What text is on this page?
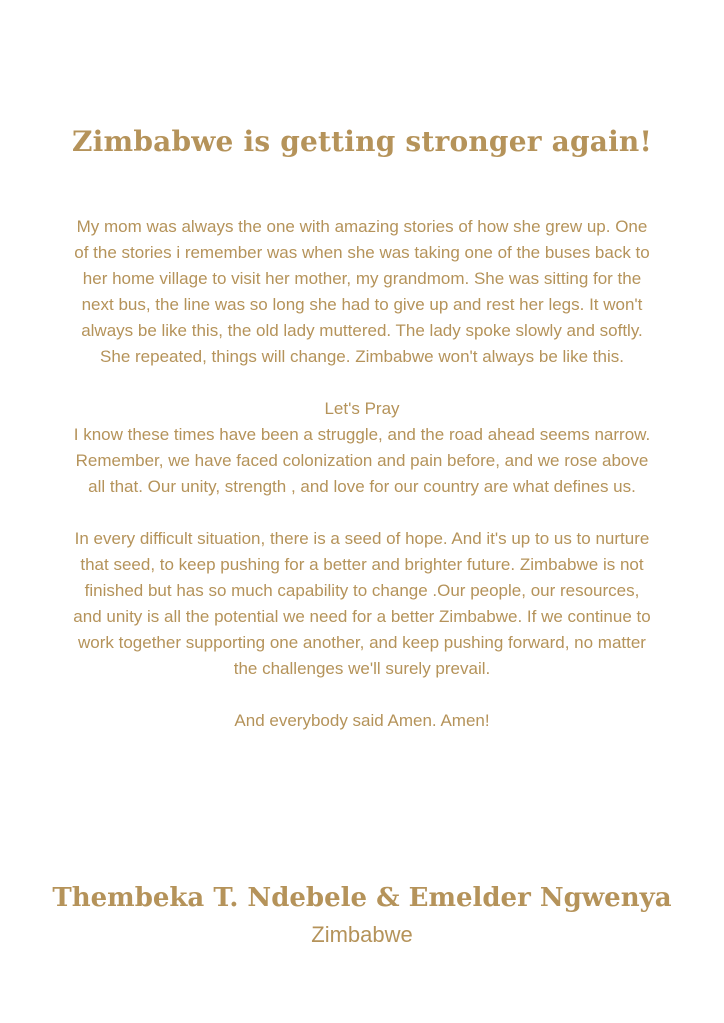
Zimbabwe is getting stronger again!

My mom was always the one with amazing stories of how she grew up. One of the stories i remember was when she was taking one of the buses back to her home village to visit her mother, my grandmom. She was sitting for the next bus, the line was so long she had to give up and rest her legs. It won't always be like this, the old lady muttered. The lady spoke slowly and softly. She repeated, things will change. Zimbabwe won't always be like this.

Let's Pray

I know these times have been a struggle, and the road ahead seems narrow. Remember, we have faced colonization and pain before, and we rose above all that. Our unity, strength , and love for our country are what defines us.

In every difficult situation, there is a seed of hope. And it's up to us to nurture that seed, to keep pushing for a better and brighter future. Zimbabwe is not finished but has so much capability to change .Our people, our resources, and unity is all the potential we need for a better Zimbabwe. If we continue to work together supporting one another, and keep pushing forward, no matter the challenges we'll surely prevail.

And everybody said Amen. Amen!

Thembeka T. Ndebele & Emelder Ngwenya
Zimbabwe
